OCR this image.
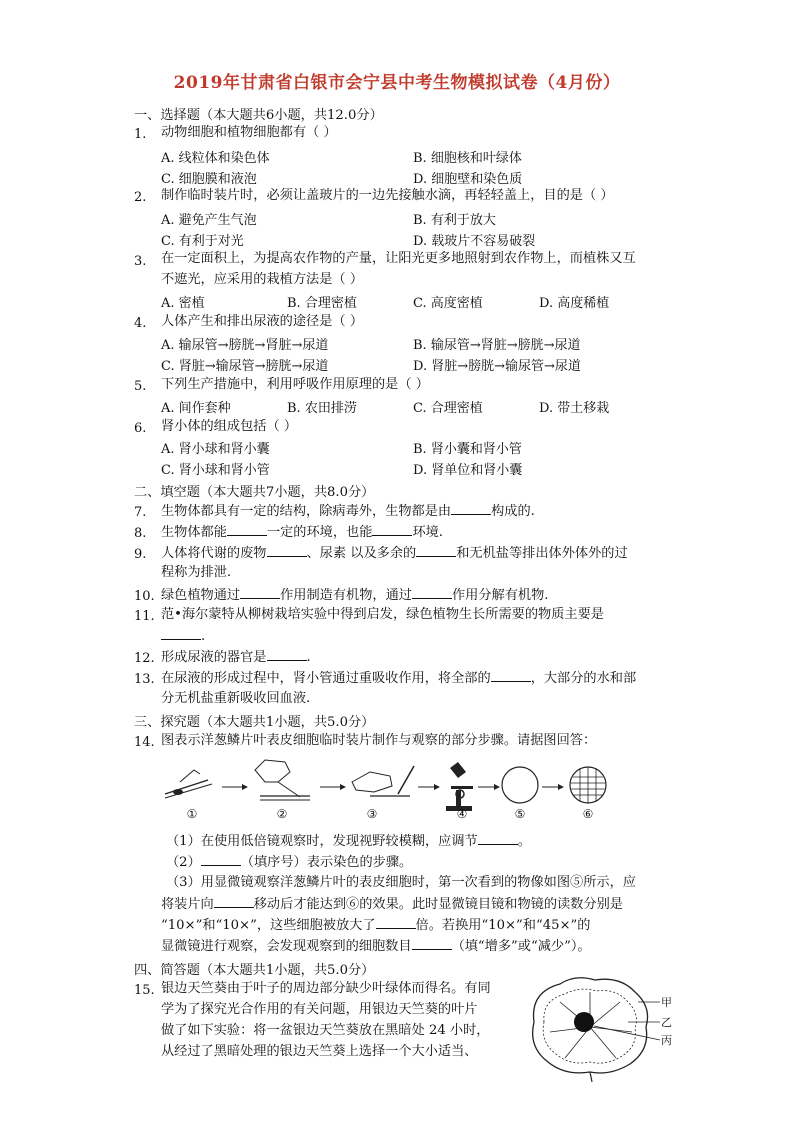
2019年甘肃省白银市会宁县中考生物模拟试卷（4月份）
一、选择题（本大题共6小题，共12.0分）
1. 动物细胞和植物细胞都有（ ）
A. 线粒体和染色体	B. 细胞核和叶绿体
C. 细胞膜和液泡	D. 细胞壁和染色质
2. 制作临时装片时，必须让盖玻片的一边先接触水滴，再轻轻盖上，目的是（ ）
A. 避免产生气泡	B. 有利于放大
C. 有利于对光	D. 载玻片不容易破裂
3. 在一定面积上，为提高农作物的产量，让阳光更多地照射到农作物上，而植株又互
不遮光，应采用的栽植方法是（ ）
A. 密植	B. 合理密植	C. 高度密植	D. 高度稀植
4. 人体产生和排出尿液的途径是（ ）
A. 输尿管→膀胱→肾脏→尿道	B. 输尿管→肾脏→膀胱→尿道
C. 肾脏→输尿管→膀胱→尿道	D. 肾脏→膀胱→输尿管→尿道
5. 下列生产措施中，利用呼吸作用原理的是（ ）
A. 间作套种	B. 农田排涝	C. 合理密植	D. 带土移栽
6. 肾小体的组成包括（ ）
A. 肾小球和肾小囊	B. 肾小囊和肾小管
C. 肾小球和肾小管	D. 肾单位和肾小囊
二、填空题（本大题共7小题，共8.0分）
7. 生物体都具有一定的结构，除病毒外，生物都是由	构成的.
8. 生物体都能	一定的环境，也能	环境.
9. 人体将代谢的废物	、尿素 以及多余的	和无机盐等排出体外体外的过
程称为排泄.
10. 绿色植物通过	作用制造有机物，通过	作用分解有机物.
11. 范•海尔蒙特从柳树栽培实验中得到启发，绿色植物生长所需要的物质主要是
.
12. 形成尿液的器官是	.
13. 在尿液的形成过程中，肾小管通过重吸收作用，将全部的	，大部分的水和部
分无机盐重新吸收回血液.
三、探究题（本大题共1小题，共5.0分）
14. 图表示洋葱鳞片叶表皮细胞临时装片制作与观察的部分步骤。请据图回答：
①	②	③	④	⑤	⑥
（1）在使用低倍镜观察时，发现视野较模糊，应调节	。
（2）	（填序号）表示染色的步骤。
（3）用显微镜观察洋葱鳞片叶的表皮细胞时，第一次看到的物像如图⑤所示，应
将装片向	移动后才能达到⑥的效果。此时显微镜目镜和物镜的读数分别是
“10×”和“10×”，这些细胞被放大了	倍。若换用“10×”和“45×”的
显微镜进行观察，会发现观察到的细胞数目	（填“增多”或“减少”）。
四、简答题（本大题共1小题，共5.0分）
15. 银边天竺葵由于叶子的周边部分缺少叶绿体而得名。有同
学为了探究光合作用的有关问题，用银边天竺葵的叶片
做了如下实验：将一盆银边天竺葵放在黑暗处 24 小时，
从经过了黑暗处理的银边天竺葵上选择一个大小适当、
甲
乙
丙
